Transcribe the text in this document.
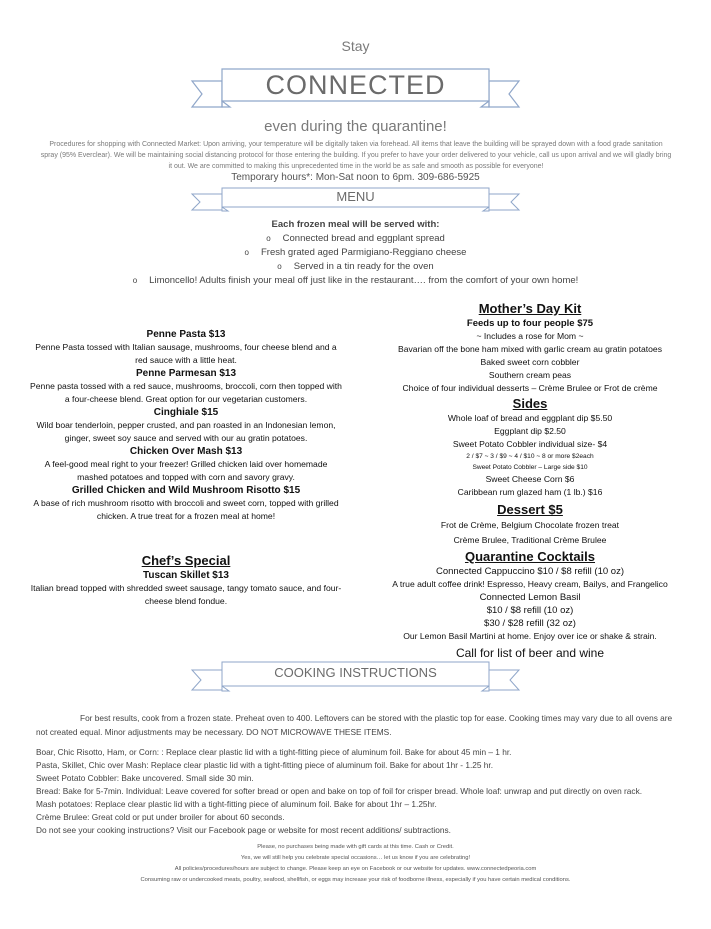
Stay
CONNECTED
even during the quarantine!
Procedures for shopping with Connected Market: Upon arriving, your temperature will be digitally taken via forehead. All items that leave the building will be sprayed down with a food grade sanitation spray (95% Everclear). We will be maintaining social distancing protocol for those entering the building. If you prefer to have your order delivered to your vehicle, call us upon arrival and we will gladly bring it out. We are committed to making this unprecedented time in the world be as safe and smooth as possible for everyone!
Temporary hours*: Mon-Sat noon to 6pm. 309-686-5925
MENU
Each frozen meal will be served with:
o Connected bread and eggplant spread
o Fresh grated aged Parmigiano-Reggiano cheese
o Served in a tin ready for the oven
o Limoncello! Adults finish your meal off just like in the restaurant…. from the comfort of your own home!
Penne Pasta $13
Penne Pasta tossed with Italian sausage, mushrooms, four cheese blend and a red sauce with a little heat.
Penne Parmesan $13
Penne pasta tossed with a red sauce, mushrooms, broccoli, corn then topped with a four-cheese blend. Great option for our vegetarian customers.
Cinghiale $15
Wild boar tenderloin, pepper crusted, and pan roasted in an Indonesian lemon, ginger, sweet soy sauce and served with our au gratin potatoes.
Chicken Over Mash $13
A feel-good meal right to your freezer! Grilled chicken laid over homemade mashed potatoes and topped with corn and savory gravy.
Grilled Chicken and Wild Mushroom Risotto $15
A base of rich mushroom risotto with broccoli and sweet corn, topped with grilled chicken. A true treat for a frozen meal at home!
Chef’s Special
Tuscan Skillet $13
Italian bread topped with shredded sweet sausage, tangy tomato sauce, and four-cheese blend fondue.
Mother’s Day Kit
Feeds up to four people $75
~ Includes a rose for Mom ~
Bavarian off the bone ham mixed with garlic cream au gratin potatoes
Baked sweet corn cobbler
Southern cream peas
Choice of four individual desserts – Crème Brulee or Frot de crème
Sides
Whole loaf of bread and eggplant dip $5.50
Eggplant dip $2.50
Sweet Potato Cobbler individual size- $4
2 / $7 ~ 3 / $9 ~ 4 / $10 ~ 8 or more $2each
Sweet Potato Cobbler – Large side $10
Sweet Cheese Corn $6
Caribbean rum glazed ham (1 lb.) $16
Dessert $5
Frot de Crème, Belgium Chocolate frozen treat
Crème Brulee, Traditional Crème Brulee
Quarantine Cocktails
Connected Cappuccino $10 / $8 refill (10 oz)
A true adult coffee drink! Espresso, Heavy cream, Bailys, and Frangelico
Connected Lemon Basil
$10 / $8 refill (10 oz)
$30 / $28 refill (32 oz)
Our Lemon Basil Martini at home. Enjoy over ice or shake & strain.
Call for list of beer and wine
COOKING INSTRUCTIONS
For best results, cook from a frozen state. Preheat oven to 400. Leftovers can be stored with the plastic top for ease. Cooking times may vary due to all ovens are not created equal. Minor adjustments may be necessary. DO NOT MICROWAVE THESE ITEMS.
Boar, Chic Risotto, Ham, or Corn: : Replace clear plastic lid with a tight-fitting piece of aluminum foil. Bake for about 45 min – 1 hr.
Pasta, Skillet, Chic over Mash: Replace clear plastic lid with a tight-fitting piece of aluminum foil. Bake for about 1hr - 1.25 hr.
Sweet Potato Cobbler: Bake uncovered. Small side 30 min.
Bread: Bake for 5-7min. Individual: Leave covered for softer bread or open and bake on top of foil for crisper bread. Whole loaf: unwrap and put directly on oven rack.
Mash potatoes: Replace clear plastic lid with a tight-fitting piece of aluminum foil. Bake for about 1hr – 1.25hr.
Crème Brulee: Great cold or put under broiler for about 60 seconds.
Do not see your cooking instructions? Visit our Facebook page or website for most recent additions/ subtractions.
Please, no purchases being made with gift cards at this time. Cash or Credit.
Yes, we will still help you celebrate special occasions… let us know if you are celebrating!
All policies/procedures/hours are subject to change. Please keep an eye on Facebook or our website for updates. www.connectedpeoria.com
Consuming raw or undercooked meats, poultry, seafood, shellfish, or eggs may increase your risk of foodborne illness, especially if you have certain medical conditions.
